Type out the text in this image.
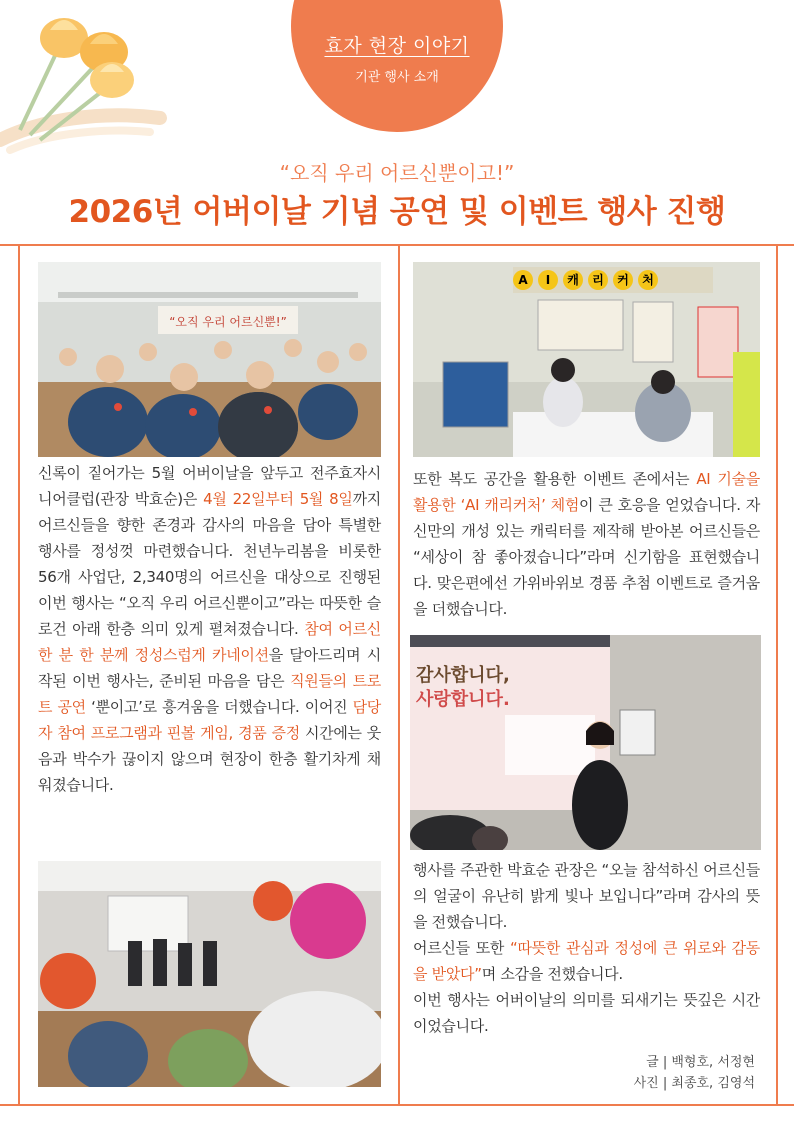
효자 현장 이야기
기관 행사 소개
“오직 우리 어르신뿐이고!”
2026년 어버이날 기념 공연 및 이벤트 행사 진행
“오직 우리 어르신뿐!”
신록이 짙어가는 5월 어버이날을 앞두고 전주효자시니어클럽(관장 박효순)은 4월 22일부터 5월 8일까지 어르신들을 향한 존경과 감사의 마음을 담아 특별한 행사를 정성껏 마련했습니다. 천년누리봄을 비롯한 56개 사업단, 2,340명의 어르신을 대상으로 진행된 이번 행사는 “오직 우리 어르신뿐이고”라는 따뜻한 슬로건 아래 한층 의미 있게 펼쳐졌습니다. 참여 어르신 한 분 한 분께 정성스럽게 카네이션을 달아드리며 시작된 이번 행사는, 준비된 마음을 담은 직원들의 트로트 공연 ‘뿐이고’로 흥겨움을 더했습니다. 이어진 담당자 참여 프로그램과 핀볼 게임, 경품 증정 시간에는 웃음과 박수가 끊이지 않으며 현장이 한층 활기차게 채워졌습니다.
A I 캐 리 커 처
또한 복도 공간을 활용한 이벤트 존에서는 AI 기술을 활용한 ‘AI 캐리커처’ 체험이 큰 호응을 얻었습니다. 자신만의 개성 있는 캐릭터를 제작해 받아본 어르신들은 “세상이 참 좋아졌습니다”라며 신기함을 표현했습니다. 맞은편에선 가위바위보 경품 추첨 이벤트로 즐거움을 더했습니다.
감사합니다,
사랑합니다.
행사를 주관한 박효순 관장은 “오늘 참석하신 어르신들의 얼굴이 유난히 밝게 빛나 보입니다”라며 감사의 뜻을 전했습니다.
어르신들 또한 “따뜻한 관심과 정성에 큰 위로와 감동을 받았다”며 소감을 전했습니다.
이번 행사는 어버이날의 의미를 되새기는 뜻깊은 시간이었습니다.
글 | 백형호, 서정현
사진 | 최종호, 김영석
